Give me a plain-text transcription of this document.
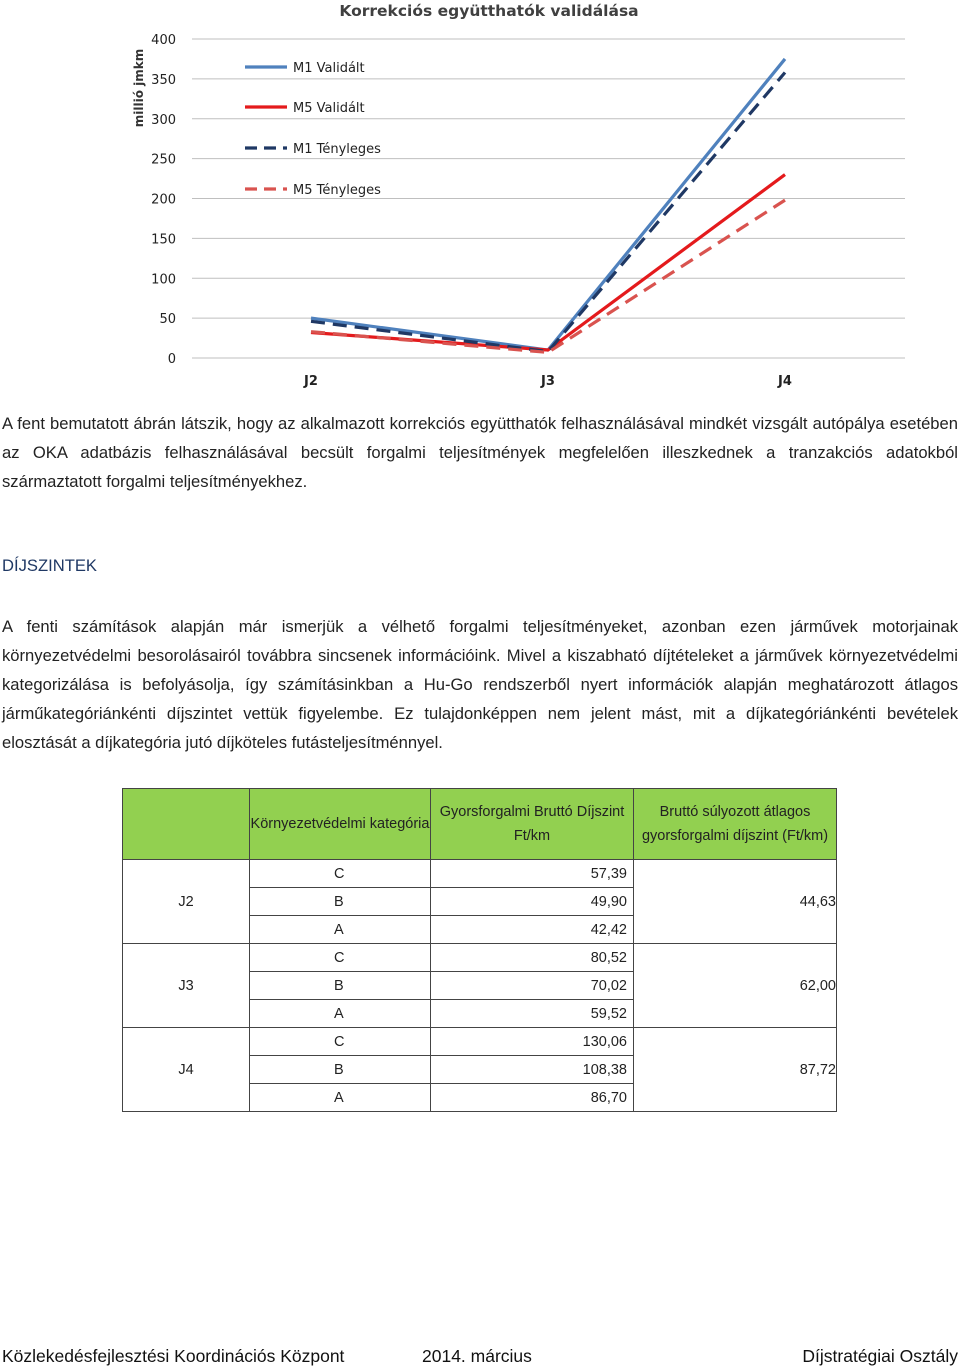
Korrekciós együtthatók validálása
millió jmkm
0
50
100
150
200
250
300
350
400
J2	J3	J4
M1 Validált
M5 Validált
M1 Tényleges
M5 Tényleges

A fent bemutatott ábrán látszik, hogy az alkalmazott korrekciós együtthatók felhasználásával mindkét vizsgált autópálya esetében az OKA adatbázis felhasználásával becsült forgalmi teljesítmények megfelelően illeszkednek a tranzakciós adatokból származtatott forgalmi teljesítményekhez.

DÍJSZINTEK

A fenti számítások alapján már ismerjük a vélhető forgalmi teljesítményeket, azonban ezen járművek motorjainak környezetvédelmi besorolásairól továbbra sincsenek információink. Mivel a kiszabható díjtételeket a járművek környezetvédelmi kategorizálása is befolyásolja, így számításinkban a Hu-Go rendszerből nyert információk alapján meghatározott átlagos járműkategóriánkénti díjszintet vettük figyelembe. Ez tulajdonképpen nem jelent mást, mit a díjkategóriánkénti bevételek elosztását a díjkategória jutó díjköteles futásteljesítménnyel.

	Környezetvédelmi kategória	Gyorsforgalmi Bruttó Díjszint Ft/km	Bruttó súlyozott átlagos gyorsforgalmi díjszint (Ft/km)
J2	C	57,39	44,63
	B	49,90	
	A	42,42	
J3	C	80,52	62,00
	B	70,02	
	A	59,52	
J4	C	130,06	87,72
	B	108,38	
	A	86,70	
Közlekedésfejlesztési Koordinációs Központ	2014. március	Díjstratégiai Osztály
